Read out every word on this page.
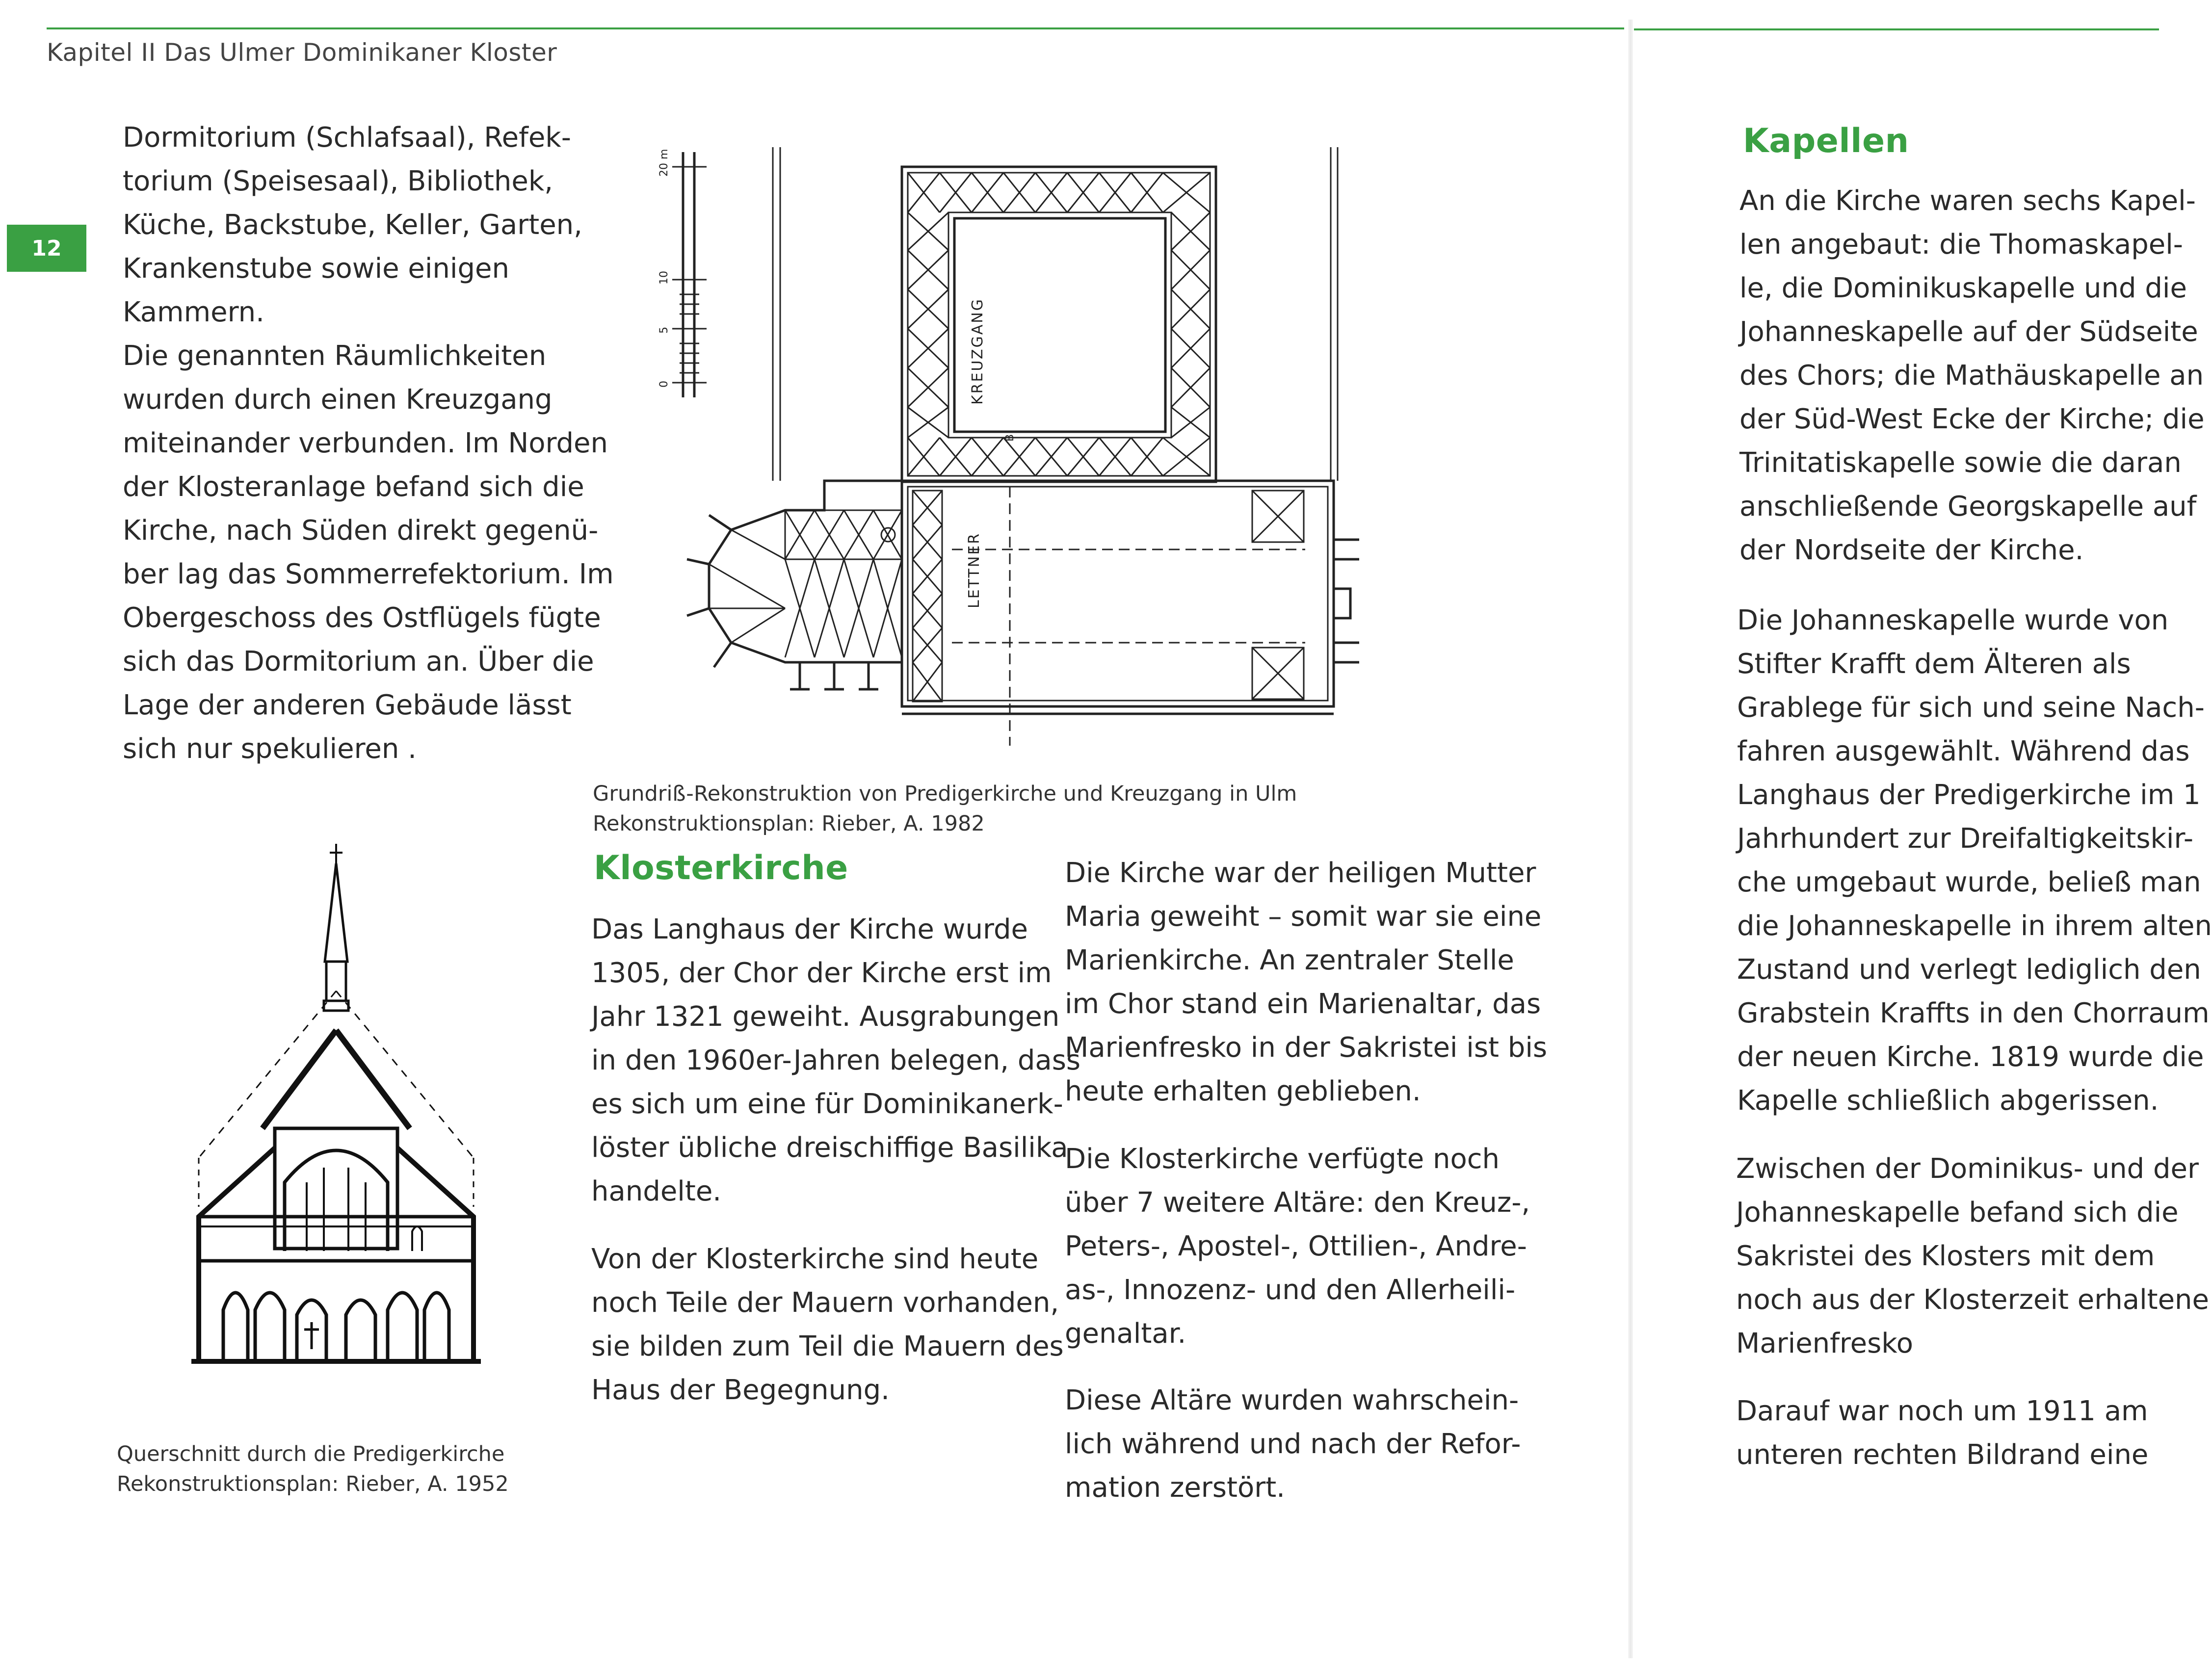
Kapitel II Das Ulmer Dominikaner Kloster
12
Dormitorium (Schlafsaal), Refek-
torium (Speisesaal), Bibliothek,
Küche, Backstube, Keller, Garten,
Krankenstube sowie einigen
Kammern.
Die genannten Räumlichkeiten
wurden durch einen Kreuzgang
miteinander verbunden. Im Norden
der Klosteranlage befand sich die
Kirche, nach Süden direkt gegenü-
ber lag das Sommerrefektorium. Im
Obergeschoss des Ostflügels fügte
sich das Dormitorium an. Über die
Lage der anderen Gebäude lässt
sich nur spekulieren .
0
5
10
20 m
KREUZGANG
LETTNER
B
Grundriß-Rekonstruktion von Predigerkirche und Kreuzgang in Ulm
Rekonstruktionsplan: Rieber, A. 1982
Querschnitt durch die Predigerkirche
Rekonstruktionsplan: Rieber, A. 1952
Klosterkirche
Das Langhaus der Kirche wurde
1305, der Chor der Kirche erst im
Jahr 1321 geweiht. Ausgrabungen
in den 1960er-Jahren belegen, dass
es sich um eine für Dominikanerk-
löster übliche dreischiffige Basilika
handelte.
Von der Klosterkirche sind heute
noch Teile der Mauern vorhanden,
sie bilden zum Teil die Mauern des
Haus der Begegnung.
Die Kirche war der heiligen Mutter
Maria geweiht – somit war sie eine
Marienkirche. An zentraler Stelle
im Chor stand ein Marienaltar, das
Marienfresko in der Sakristei ist bis
heute erhalten geblieben.
Die Klosterkirche verfügte noch
über 7 weitere Altäre: den Kreuz-,
Peters-, Apostel-, Ottilien-, Andre-
as-, Innozenz- und den Allerheili-
genaltar.
Diese Altäre wurden wahrschein-
lich während und nach der Refor-
mation zerstört.
Kapellen
An die Kirche waren sechs Kapel-
len angebaut: die Thomaskapel-
le, die Dominikuskapelle und die
Johanneskapelle auf der Südseite
des Chors; die Mathäuskapelle an
der Süd-West Ecke der Kirche; die
Trinitatiskapelle sowie die daran
anschließende Georgskapelle auf
der Nordseite der Kirche.
Die Johanneskapelle wurde von
Stifter Krafft dem Älteren als
Grablege für sich und seine Nach-
fahren ausgewählt. Während das
Langhaus der Predigerkirche im 1
Jahrhundert zur Dreifaltigkeitskir-
che umgebaut wurde, beließ man
die Johanneskapelle in ihrem alten
Zustand und verlegt lediglich den
Grabstein Kraffts in den Chorraum
der neuen Kirche. 1819 wurde die
Kapelle schließlich abgerissen.
Zwischen der Dominikus- und der
Johanneskapelle befand sich die
Sakristei des Klosters mit dem
noch aus der Klosterzeit erhaltene
Marienfresko
Darauf war noch um 1911 am
unteren rechten Bildrand eine
